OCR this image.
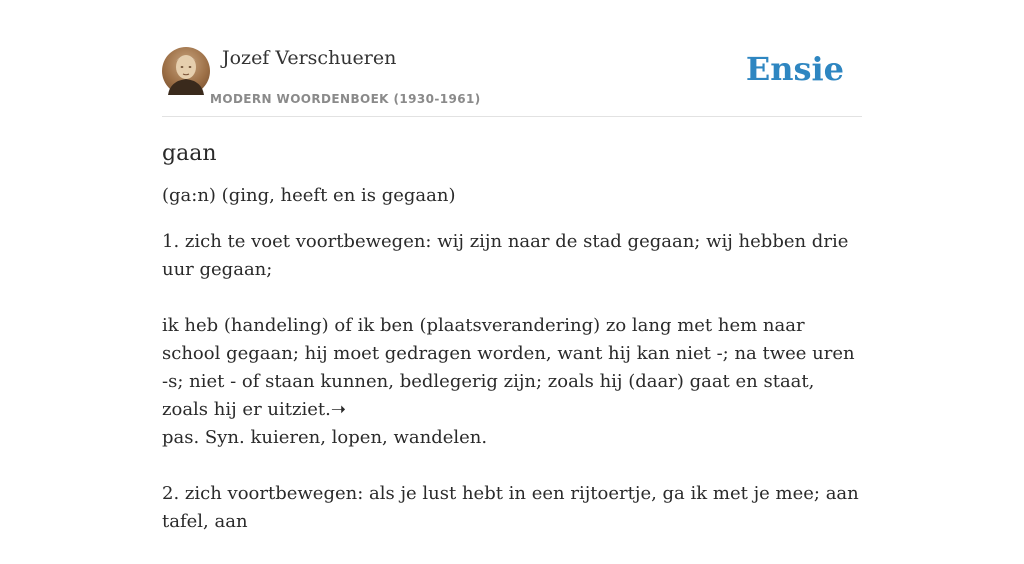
Jozef Verschueren
MODERN WOORDENBOEK (1930-1961)
Ensie
gaan
(ga:n) (ging, heeft en is gegaan)
1. zich te voet voortbewegen: wij zijn naar de stad gegaan; wij hebben drie uur gegaan;
ik heb (handeling) of ik ben (plaatsverandering) zo lang met hem naar school gegaan; hij moet gedragen worden, want hij kan niet -; na twee uren -s; niet - of staan kunnen, bedlegerig zijn; zoals hij (daar) gaat en staat, zoals hij er uitziet.➝
pas. Syn. kuieren, lopen, wandelen.
2. zich voortbewegen: als je lust hebt in een rijtoertje, ga ik met je mee; aan tafel, aan
